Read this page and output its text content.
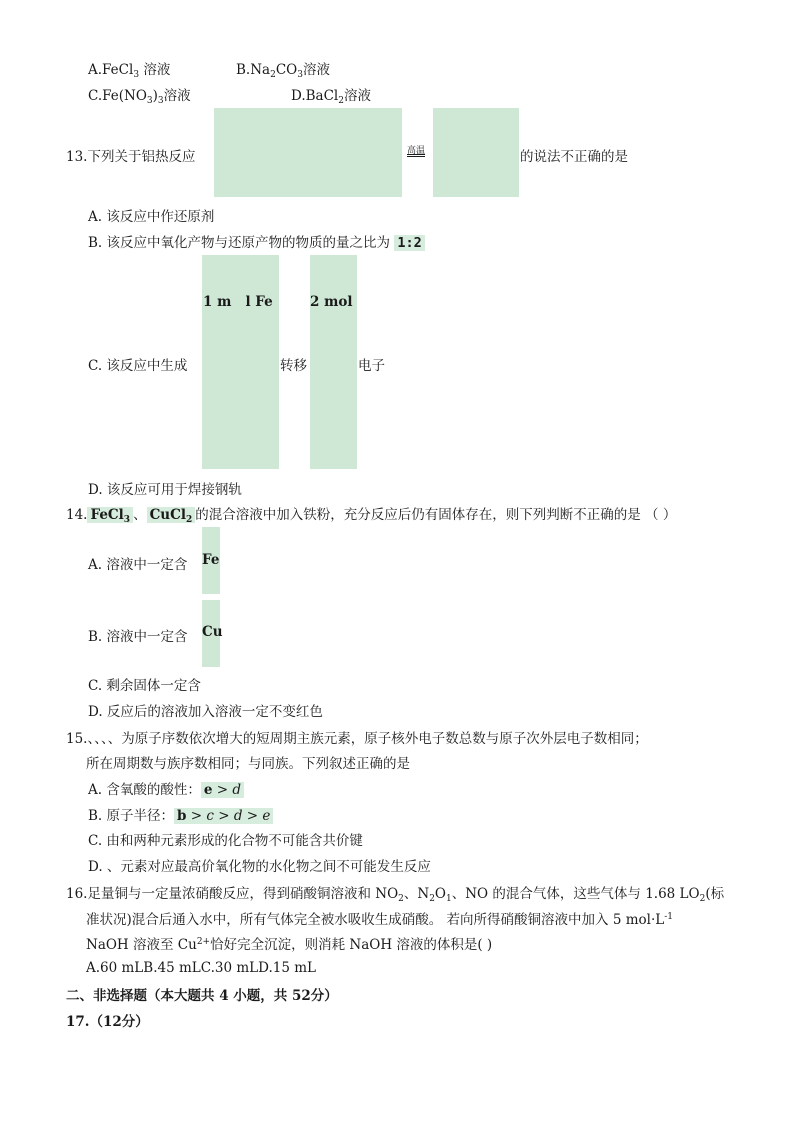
A.FeCl$_3$ 溶液	$B.Na_2CO_3$溶液
$C.Fe(NO_3)_3$溶液	D.BaCl$_2$溶液
13.下列关于铝热反应	高温	的说法不正确的是
A. 该反应中作还原剂
B. 该反应中氧化产物与还原产物的物质的量之比为 1:2
1 m   l Fe	2 mol
C. 该反应中生成	转移	电子
D. 该反应可用于焊接钢轨
14. FeCl$_3$ 、 CuCl$_2$ 的混合溶液中加入铁粉，充分反应后仍有固体存在，则下列判断不正确的是 （ ）
A. 溶液中一定含 Fe
B. 溶液中一定含 Cu
C. 剩余固体一定含
D. 反应后的溶液加入溶液一定不变红色
15.、、、、为原子序数依次增大的短周期主族元素，原子核外电子数总数与原子次外层电子数相同；
所在周期数与族序数相同；与同族。下列叙述正确的是
A. 含氧酸的酸性： e > d
B. 原子半径： b > c > d > e
C. 由和两种元素形成的化合物不可能含共价键
D. 、元素对应最高价氧化物的水化物之间不可能发生反应
16.足量铜与一定量浓硝酸反应，得到硝酸铜溶液和 $NO_2$、$N_2O_1$、NO 的混合气体，这些气体与 1.68 $LO_2$(标
准状况)混合后通入水中，所有气体完全被水吸收生成硝酸。 若向所得硝酸铜溶液中加入 5 $mol\cdot L^{-1}$
NaOH 溶液至 $Cu^{2+}$恰好完全沉淀，则消耗 NaOH 溶液的体积是( )
A.60 mLB.45 mLC.30 mLD.15 mL
二、非选择题（本大题共 4 小题，共 52分）
17.（12分）
